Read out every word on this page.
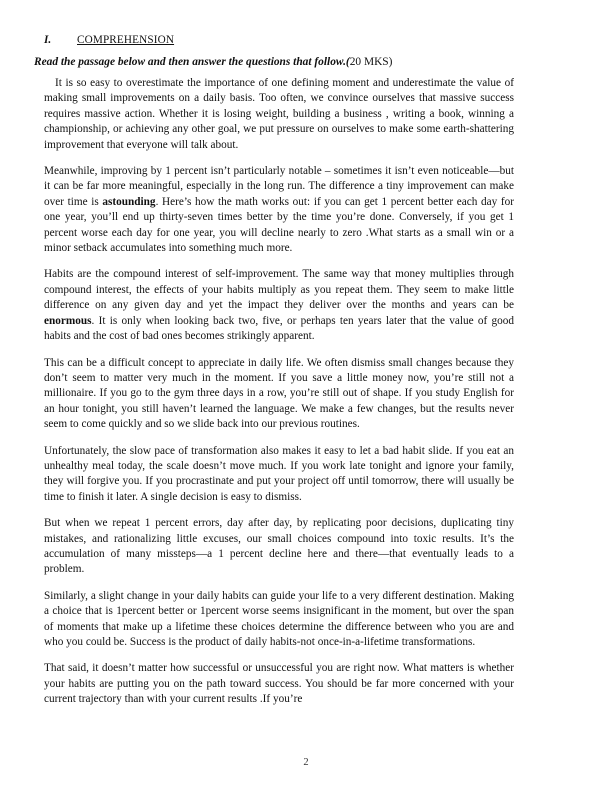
I. COMPREHENSION
Read the passage below and then answer the questions that follow.(20 MKS)

It is so easy to overestimate the importance of one defining moment and underestimate the value of making small improvements on a daily basis. Too often, we convince ourselves that massive success requires massive action. Whether it is losing weight, building a business , writing a book, winning a championship, or achieving any other goal, we put pressure on ourselves to make some earth-shattering improvement that everyone will talk about.

Meanwhile, improving by 1 percent isn’t particularly notable – sometimes it isn’t even noticeable—but it can be far more meaningful, especially in the long run. The difference a tiny improvement can make over time is astounding. Here’s how the math works out: if you can get 1 percent better each day for one year, you’ll end up thirty-seven times better by the time you’re done. Conversely, if you get 1 percent worse each day for one year, you will decline nearly to zero .What starts as a small win or a minor setback accumulates into something much more.

Habits are the compound interest of self-improvement. The same way that money multiplies through compound interest, the effects of your habits multiply as you repeat them. They seem to make little difference on any given day and yet the impact they deliver over the months and years can be enormous. It is only when looking back two, five, or perhaps ten years later that the value of good habits and the cost of bad ones becomes strikingly apparent.

This can be a difficult concept to appreciate in daily life. We often dismiss small changes because they don’t seem to matter very much in the moment. If you save a little money now, you’re still not a millionaire. If you go to the gym three days in a row, you’re still out of shape. If you study English for an hour tonight, you still haven’t learned the language. We make a few changes, but the results never seem to come quickly and so we slide back into our previous routines.

Unfortunately, the slow pace of transformation also makes it easy to let a bad habit slide. If you eat an unhealthy meal today, the scale doesn’t move much. If you work late tonight and ignore your family, they will forgive you. If you procrastinate and put your project off until tomorrow, there will usually be time to finish it later. A single decision is easy to dismiss.

But when we repeat 1 percent errors, day after day, by replicating poor decisions, duplicating tiny mistakes, and rationalizing little excuses, our small choices compound into toxic results. It’s the accumulation of many missteps—a 1 percent decline here and there—that eventually leads to a problem.

Similarly, a slight change in your daily habits can guide your life to a very different destination. Making a choice that is 1percent better or 1percent worse seems insignificant in the moment, but over the span of moments that make up a lifetime these choices determine the difference between who you are and who you could be. Success is the product of daily habits-not once-in-a-lifetime transformations.

That said, it doesn’t matter how successful or unsuccessful you are right now. What matters is whether your habits are putting you on the path toward success. You should be far more concerned with your current trajectory than with your current results .If you’re

2
